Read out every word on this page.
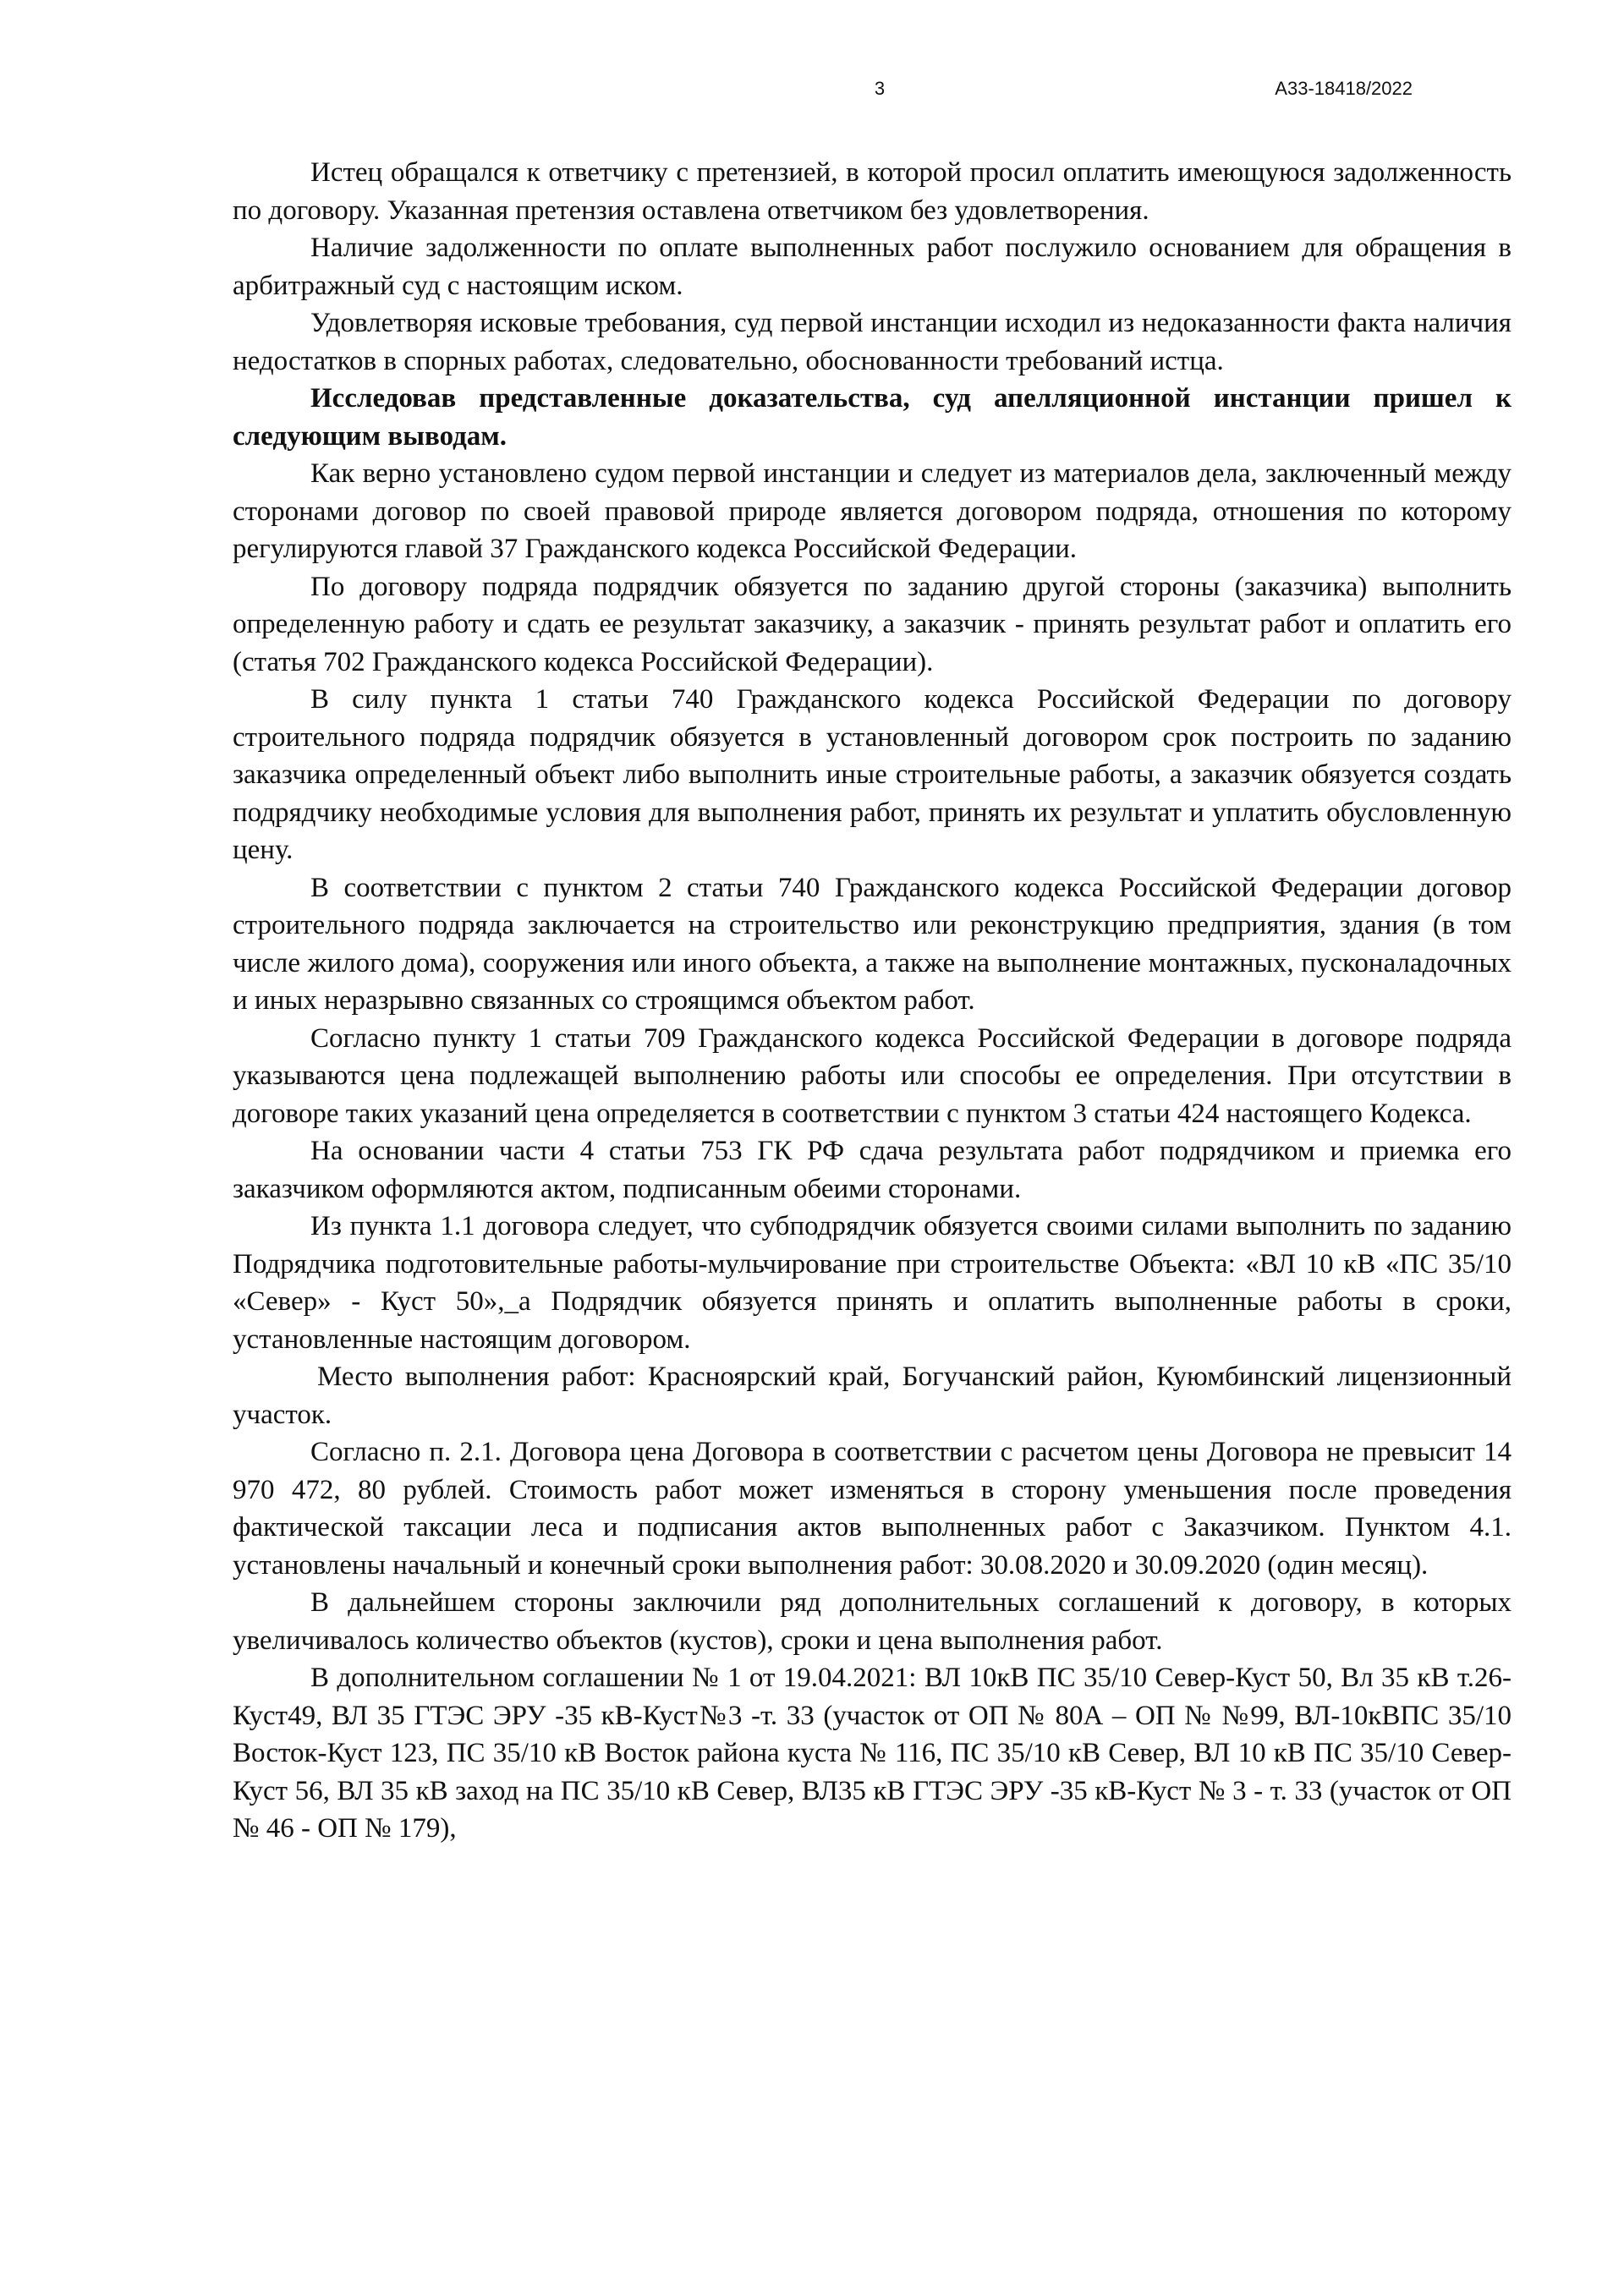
3	А33-18418/2022

Истец обращался к ответчику с претензией, в которой просил оплатить имеющуюся задолженность по договору. Указанная претензия оставлена ответчиком без удовлетворения.

Наличие задолженности по оплате выполненных работ послужило основанием для обращения в арбитражный суд с настоящим иском.

Удовлетворяя исковые требования, суд первой инстанции исходил из недоказанности факта наличия недостатков в спорных работах, следовательно, обоснованности требований истца.

Исследовав представленные доказательства, суд апелляционной инстанции пришел к следующим выводам.

Как верно установлено судом первой инстанции и следует из материалов дела, заключенный между сторонами договор по своей правовой природе является договором подряда, отношения по которому регулируются главой 37 Гражданского кодекса Российской Федерации.

По договору подряда подрядчик обязуется по заданию другой стороны (заказчика) выполнить определенную работу и сдать ее результат заказчику, а заказчик - принять результат работ и оплатить его (статья 702 Гражданского кодекса Российской Федерации).

В силу пункта 1 статьи 740 Гражданского кодекса Российской Федерации по договору строительного подряда подрядчик обязуется в установленный договором срок построить по заданию заказчика определенный объект либо выполнить иные строительные работы, а заказчик обязуется создать подрядчику необходимые условия для выполнения работ, принять их результат и уплатить обусловленную цену.

В соответствии с пунктом 2 статьи 740 Гражданского кодекса Российской Федерации договор строительного подряда заключается на строительство или реконструкцию предприятия, здания (в том числе жилого дома), сооружения или иного объекта, а также на выполнение монтажных, пусконаладочных и иных неразрывно связанных со строящимся объектом работ.

Согласно пункту 1 статьи 709 Гражданского кодекса Российской Федерации в договоре подряда указываются цена подлежащей выполнению работы или способы ее определения. При отсутствии в договоре таких указаний цена определяется в соответствии с пунктом 3 статьи 424 настоящего Кодекса.

На основании части 4 статьи 753 ГК РФ сдача результата работ подрядчиком и приемка его заказчиком оформляются актом, подписанным обеими сторонами.

Из пункта 1.1 договора следует, что субподрядчик обязуется своими силами выполнить по заданию Подрядчика подготовительные работы-мульчирование при строительстве Объекта: «ВЛ 10 кВ «ПС 35/10 «Север» - Куст 50»,_а Подрядчик обязуется принять и оплатить выполненные работы в сроки, установленные настоящим договором.

Место выполнения работ: Красноярский край, Богучанский район, Куюмбинский лицензионный участок.

Согласно п. 2.1. Договора цена Договора в соответствии с расчетом цены Договора не превысит 14 970 472, 80 рублей. Стоимость работ может изменяться в сторону уменьшения после проведения фактической таксации леса и подписания актов выполненных работ с Заказчиком. Пунктом 4.1. установлены начальный и конечный сроки выполнения работ: 30.08.2020 и 30.09.2020 (один месяц).

В дальнейшем стороны заключили ряд дополнительных соглашений к договору, в которых увеличивалось количество объектов (кустов), сроки и цена выполнения работ.

В дополнительном соглашении № 1 от 19.04.2021: ВЛ 10кВ ПС 35/10 Север-Куст 50, Вл 35 кВ т.26-Куст49, ВЛ 35 ГТЭС ЭРУ -35 кВ-Куст№3 -т. 33 (участок от ОП № 80А – ОП № №99, ВЛ-10кВПС 35/10 Восток-Куст 123, ПС 35/10 кВ Восток района куста № 116, ПС 35/10 кВ Север, ВЛ 10 кВ ПС 35/10 Север-Куст 56, ВЛ 35 кВ заход на ПС 35/10 кВ Север, ВЛ35 кВ ГТЭС ЭРУ -35 кВ-Куст № 3 - т. 33 (участок от ОП № 46 - ОП № 179),
